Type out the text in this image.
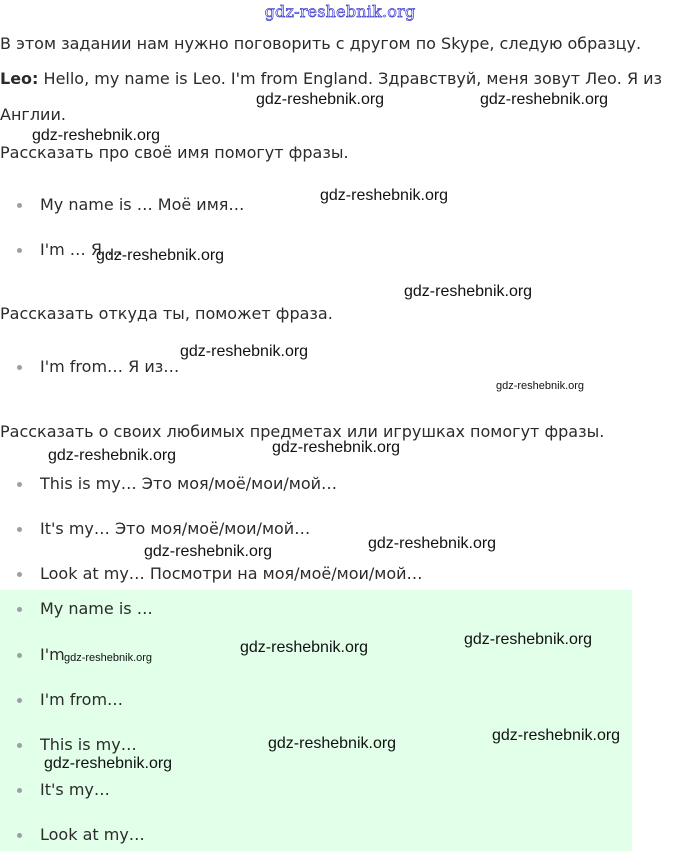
gdz-reshebnik.org
В этом задании нам нужно поговорить с другом по Skype, следую образцу.
Leo: Hello, my name is Leo. I'm from England. Здравствуй, меня зовут Лео. Я из
Англии.
Рассказать про своё имя помогут фразы.
My name is … Моё имя…
I'm … Я …
Рассказать откуда ты, поможет фраза.
I'm from… Я из…
Рассказать о своих любимых предметах или игрушках помогут фразы.
This is my… Это моя/моё/мои/мой…
It's my… Это моя/моё/мои/мой…
Look at my… Посмотри на моя/моё/мои/мой…
My name is …
I'm
I'm from…
This is my…
It's my…
Look at my…
gdz-reshebnik.org	gdz-reshebnik.org
gdz-reshebnik.org
gdz-reshebnik.org
gdz-reshebnik.org
gdz-reshebnik.org
gdz-reshebnik.org
gdz-reshebnik.org
gdz-reshebnik.org
gdz-reshebnik.org
gdz-reshebnik.org
gdz-reshebnik.org
gdz-reshebnik.org
gdz-reshebnik.org
gdz-reshebnik.org
gdz-reshebnik.org
gdz-reshebnik.org
gdz-reshebnik.org
